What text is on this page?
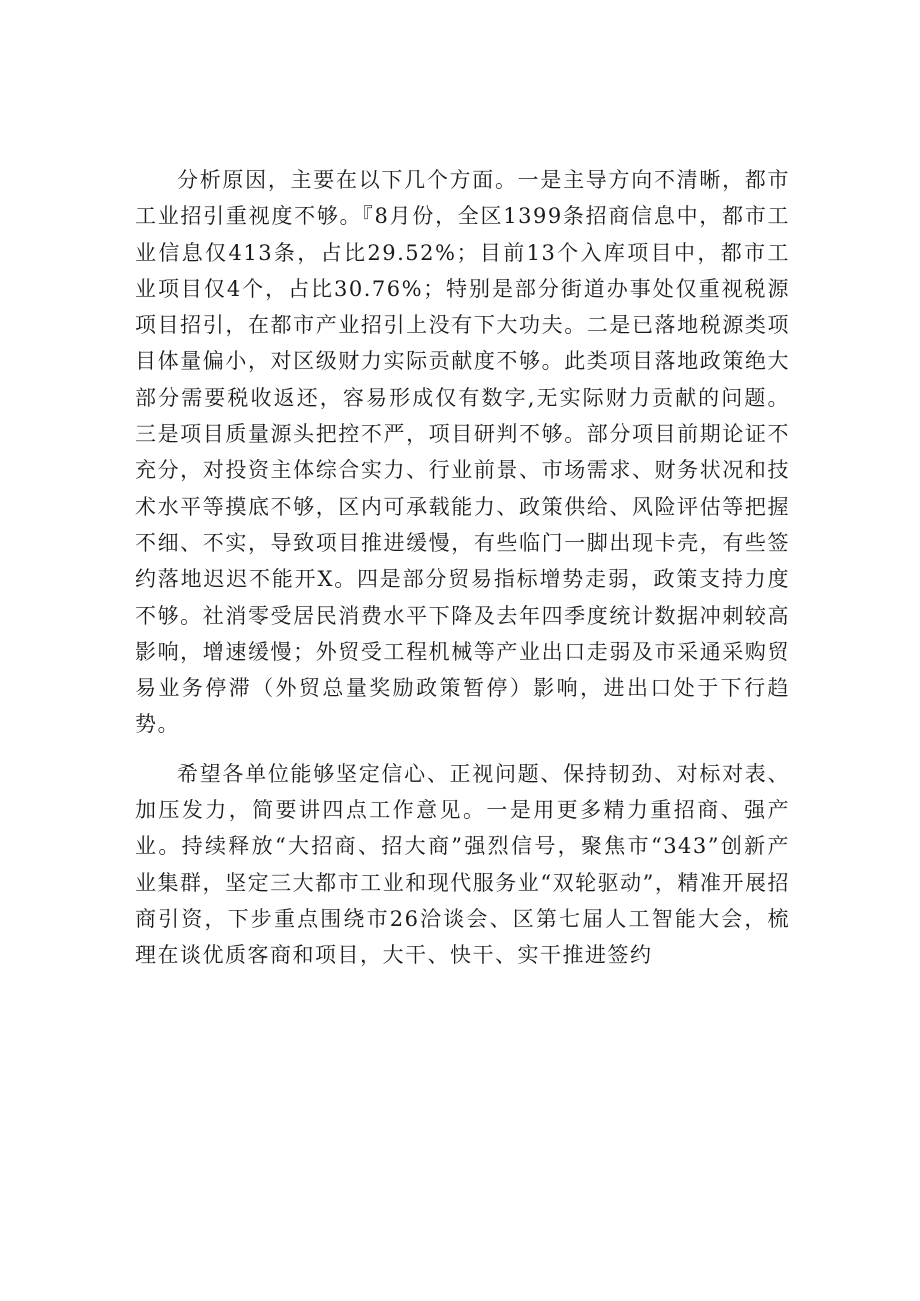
分析原因，主要在以下几个方面。一是主导方向不清晰，都市工业招引重视度不够。『8月份，全区1399条招商信息中，都市工业信息仅413条，占比29.52%；目前13个入库项目中，都市工业项目仅4个，占比30.76%；特别是部分街道办事处仅重视税源项目招引，在都市产业招引上没有下大功夫。二是已落地税源类项目体量偏小，对区级财力实际贡献度不够。此类项目落地政策绝大部分需要税收返还，容易形成仅有数字,无实际财力贡献的问题。三是项目质量源头把控不严，项目研判不够。部分项目前期论证不充分，对投资主体综合实力、行业前景、市场需求、财务状况和技术水平等摸底不够，区内可承载能力、政策供给、风险评估等把握不细、不实，导致项目推进缓慢，有些临门一脚出现卡壳，有些签约落地迟迟不能开X。四是部分贸易指标增势走弱，政策支持力度不够。社消零受居民消费水平下降及去年四季度统计数据冲刺较高影响，增速缓慢；外贸受工程机械等产业出口走弱及市采通采购贸易业务停滞（外贸总量奖励政策暂停）影响，进出口处于下行趋势。

希望各单位能够坚定信心、正视问题、保持韧劲、对标对表、加压发力，简要讲四点工作意见。一是用更多精力重招商、强产业。持续释放“大招商、招大商”强烈信号，聚焦市“343”创新产业集群，坚定三大都市工业和现代服务业“双轮驱动”，精准开展招商引资，下步重点围绕市26洽谈会、区第七届人工智能大会，梳理在谈优质客商和项目，大干、快干、实干推进签约
